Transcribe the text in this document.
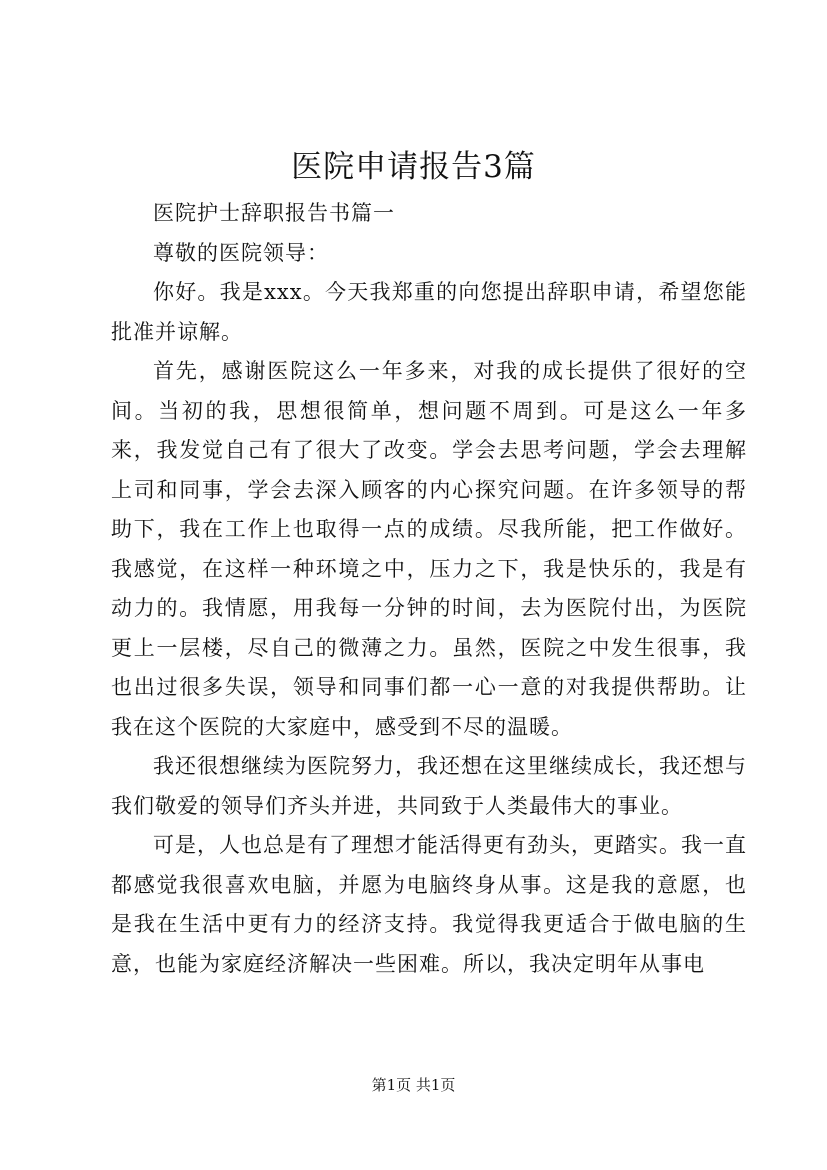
医院申请报告3篇

医院护士辞职报告书篇一

尊敬的医院领导：

你好。我是xxx。今天我郑重的向您提出辞职申请，希望您能批准并谅解。

首先，感谢医院这么一年多来，对我的成长提供了很好的空间。当初的我，思想很简单，想问题不周到。可是这么一年多来，我发觉自己有了很大了改变。学会去思考问题，学会去理解上司和同事，学会去深入顾客的内心探究问题。在许多领导的帮助下，我在工作上也取得一点的成绩。尽我所能，把工作做好。我感觉，在这样一种环境之中，压力之下，我是快乐的，我是有动力的。我情愿，用我每一分钟的时间，去为医院付出，为医院更上一层楼，尽自己的微薄之力。虽然，医院之中发生很事，我也出过很多失误，领导和同事们都一心一意的对我提供帮助。让我在这个医院的大家庭中，感受到不尽的温暖。

我还很想继续为医院努力，我还想在这里继续成长，我还想与我们敬爱的领导们齐头并进，共同致于人类最伟大的事业。

可是，人也总是有了理想才能活得更有劲头，更踏实。我一直都感觉我很喜欢电脑，并愿为电脑终身从事。这是我的意愿，也是我在生活中更有力的经济支持。我觉得我更适合于做电脑的生意，也能为家庭经济解决一些困难。所以，我决定明年从事电

第1页 共1页
